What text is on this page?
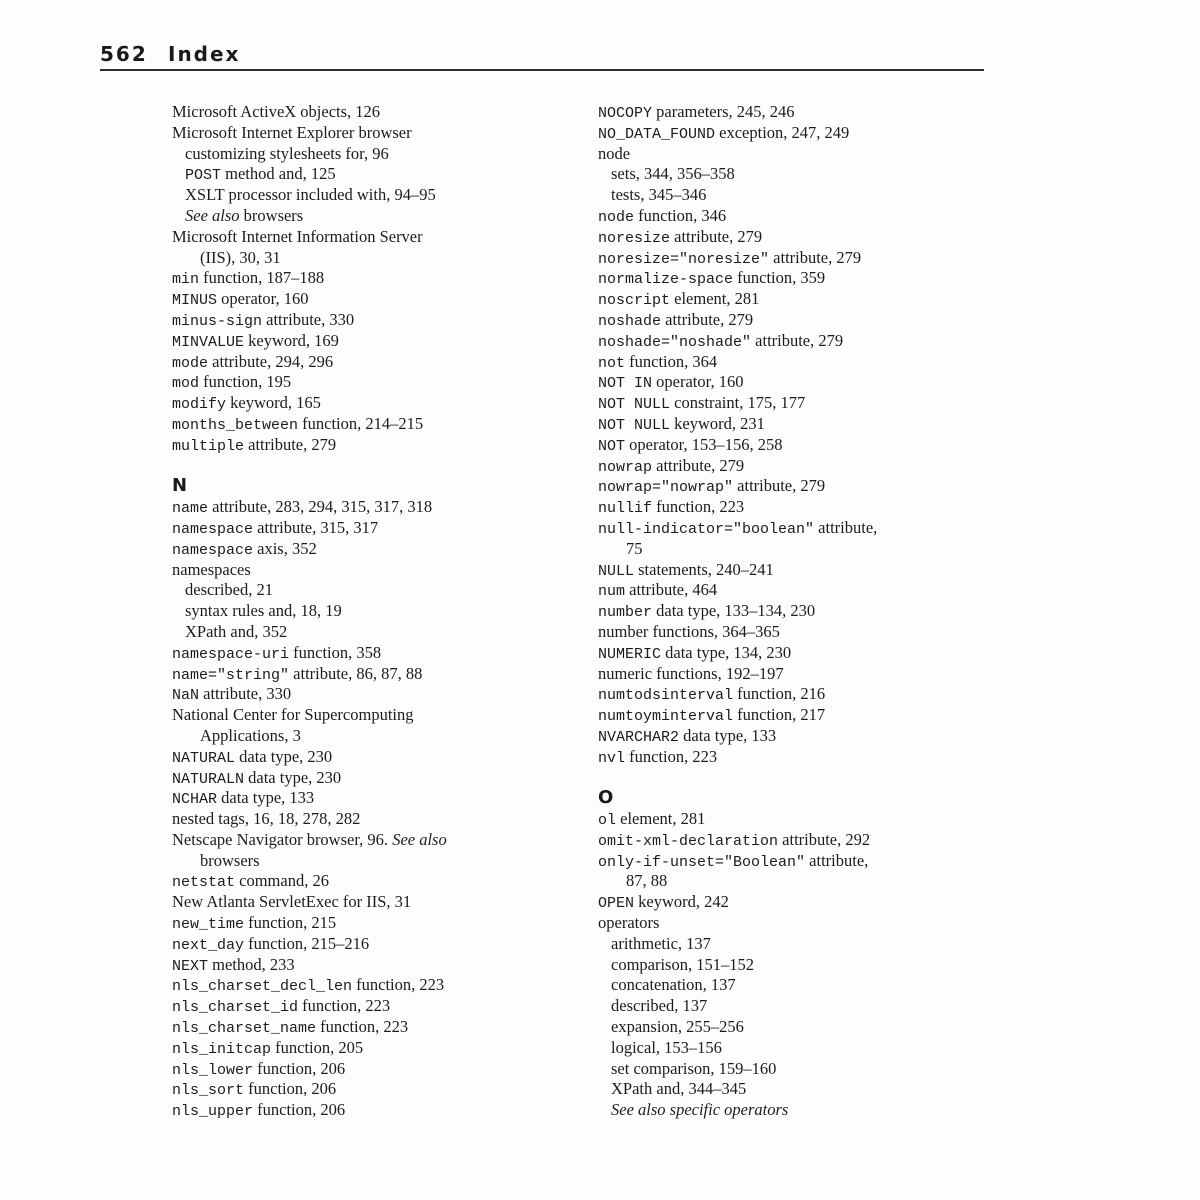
562 Index
Microsoft ActiveX objects, 126
Microsoft Internet Explorer browser
customizing stylesheets for, 96
POST method and, 125
XSLT processor included with, 94–95
See also browsers
Microsoft Internet Information Server
(IIS), 30, 31
min function, 187–188
MINUS operator, 160
minus-sign attribute, 330
MINVALUE keyword, 169
mode attribute, 294, 296
mod function, 195
modify keyword, 165
months_between function, 214–215
multiple attribute, 279
N
name attribute, 283, 294, 315, 317, 318
namespace attribute, 315, 317
namespace axis, 352
namespaces
described, 21
syntax rules and, 18, 19
XPath and, 352
namespace-uri function, 358
name="string" attribute, 86, 87, 88
NaN attribute, 330
National Center for Supercomputing
Applications, 3
NATURAL data type, 230
NATURALN data type, 230
NCHAR data type, 133
nested tags, 16, 18, 278, 282
Netscape Navigator browser, 96. See also
browsers
netstat command, 26
New Atlanta ServletExec for IIS, 31
new_time function, 215
next_day function, 215–216
NEXT method, 233
nls_charset_decl_len function, 223
nls_charset_id function, 223
nls_charset_name function, 223
nls_initcap function, 205
nls_lower function, 206
nls_sort function, 206
nls_upper function, 206
NOCOPY parameters, 245, 246
NO_DATA_FOUND exception, 247, 249
node
sets, 344, 356–358
tests, 345–346
node function, 346
noresize attribute, 279
noresize="noresize" attribute, 279
normalize-space function, 359
noscript element, 281
noshade attribute, 279
noshade="noshade" attribute, 279
not function, 364
NOT IN operator, 160
NOT NULL constraint, 175, 177
NOT NULL keyword, 231
NOT operator, 153–156, 258
nowrap attribute, 279
nowrap="nowrap" attribute, 279
nullif function, 223
null-indicator="boolean" attribute,
75
NULL statements, 240–241
num attribute, 464
number data type, 133–134, 230
number functions, 364–365
NUMERIC data type, 134, 230
numeric functions, 192–197
numtodsinterval function, 216
numtoyminterval function, 217
NVARCHAR2 data type, 133
nvl function, 223
O
ol element, 281
omit-xml-declaration attribute, 292
only-if-unset="Boolean" attribute,
87, 88
OPEN keyword, 242
operators
arithmetic, 137
comparison, 151–152
concatenation, 137
described, 137
expansion, 255–256
logical, 153–156
set comparison, 159–160
XPath and, 344–345
See also specific operators
